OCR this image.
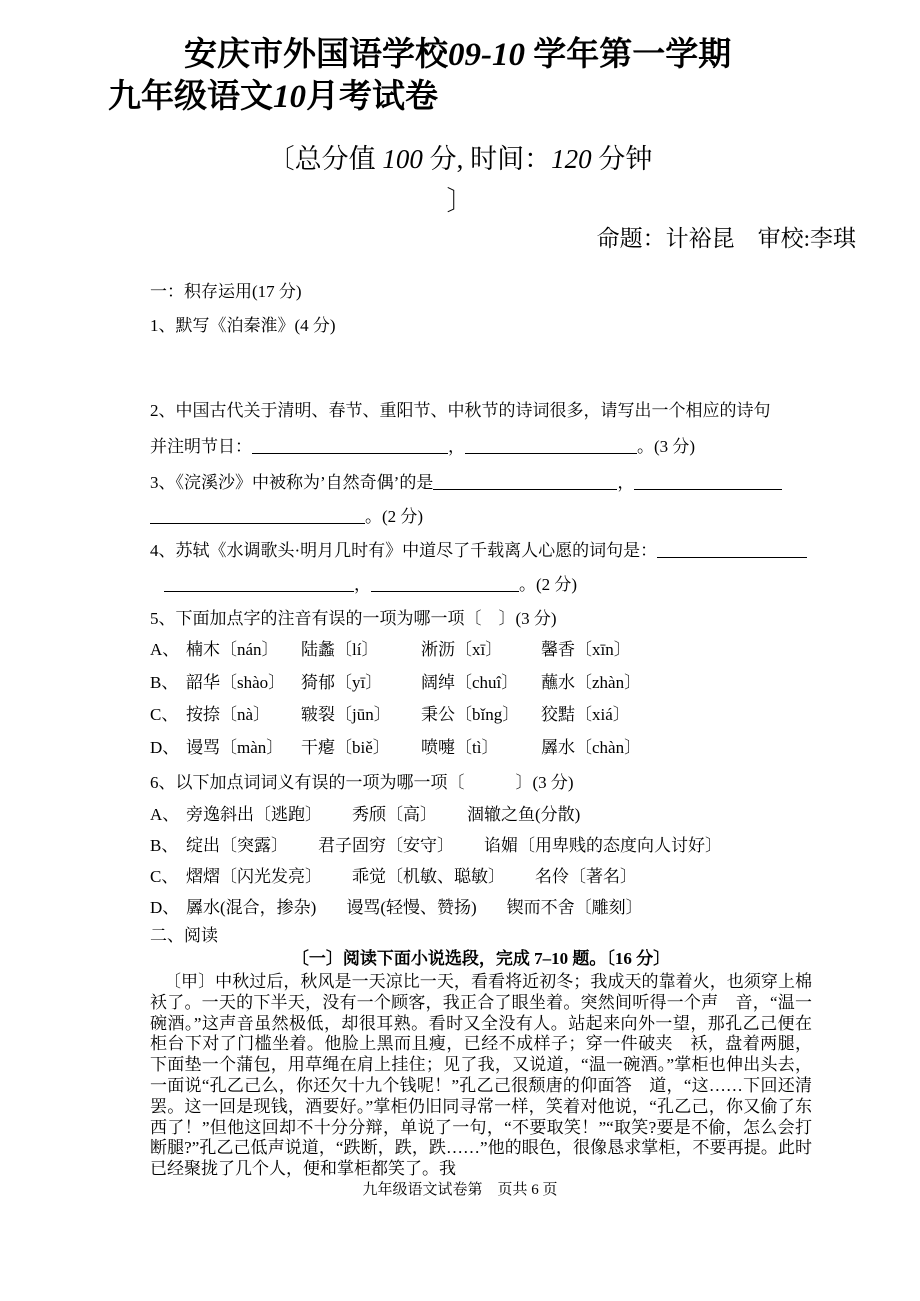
安庆市外国语学校09-10 学年第一学期
九年级语文10月考试卷
〔总分值 100 分, 时间：120 分钟
〕
命题：计裕昆　审校:李琪
一：积存运用(17 分)
1、默写《泊秦淮》(4 分)
2、中国古代关于清明、春节、重阳节、中秋节的诗词很多，请写出一个相应的诗句
并注明节日：	，	。(3 分)
3、《浣溪沙》中被称为’自然奇偶’的是	，
。(2 分)
4、苏轼《水调歌头·明月几时有》中道尽了千载离人心愿的词句是：
，	。(2 分)
5、下面加点字的注音有误的一项为哪一项〔　〕(3 分)
A、 楠木〔nán〕	陆蠡〔lí〕	淅沥〔xī〕	馨香〔xīn〕
B、 韶华〔shào〕 猗郁〔yī〕	阔绰〔chuî〕	蘸水〔zhàn〕
C、 按捺〔nà〕	皲裂〔jūn〕	秉公〔bǐng〕	狡黠〔xiá〕
D、 谩骂〔màn〕	干瘪〔biě〕	喷嚏〔tì〕	羼水〔chàn〕
6、以下加点词词义有误的一项为哪一项〔　　　〕(3 分)
A、 旁逸斜出〔逃跑〕 秀颀〔高〕 涸辙之鱼(分散)
B、 绽出〔突露〕 君子固穷〔安守〕 谄媚〔用卑贱的态度向人讨好〕
C、 熠熠〔闪光发亮〕 乖觉〔机敏、聪敏〕 名伶〔著名〕
D、 羼水(混合，掺杂) 谩骂(轻慢、赞扬) 锲而不舍〔雕刻〕
二、阅读
〔一〕阅读下面小说选段，完成 7–10 题。〔16 分〕
〔甲〕中秋过后，秋风是一天凉比一天，看看将近初冬；我成天的靠着火，也须穿上棉袄了。一天的下半天，没有一个顾客，我正合了眼坐着。突然间听得一个声　音，“温一碗酒。”这声音虽然极低，却很耳熟。看时又全没有人。站起来向外一望，那孔乙己便在柜台下对了门槛坐着。他脸上黑而且瘦，已经不成样子；穿一件破夹　袄，盘着两腿，下面垫一个蒲包，用草绳在肩上挂住；见了我，又说道，“温一碗酒。”掌柜也伸出头去，一面说“孔乙己么，你还欠十九个钱呢！”孔乙己很颓唐的仰面答　道，“这……下回还清罢。这一回是现钱，酒要好。”掌柜仍旧同寻常一样，笑着对他说，“孔乙己，你又偷了东西了！”但他这回却不十分分辩，单说了一句，“不要取笑！”“取笑?要是不偷，怎么会打断腿?”孔乙己低声说道，“跌断，跌，跌……”他的眼色，很像恳求掌柜，不要再提。此时已经聚拢了几个人，便和掌柜都笑了。我
九年级语文试卷第　页共 6 页
